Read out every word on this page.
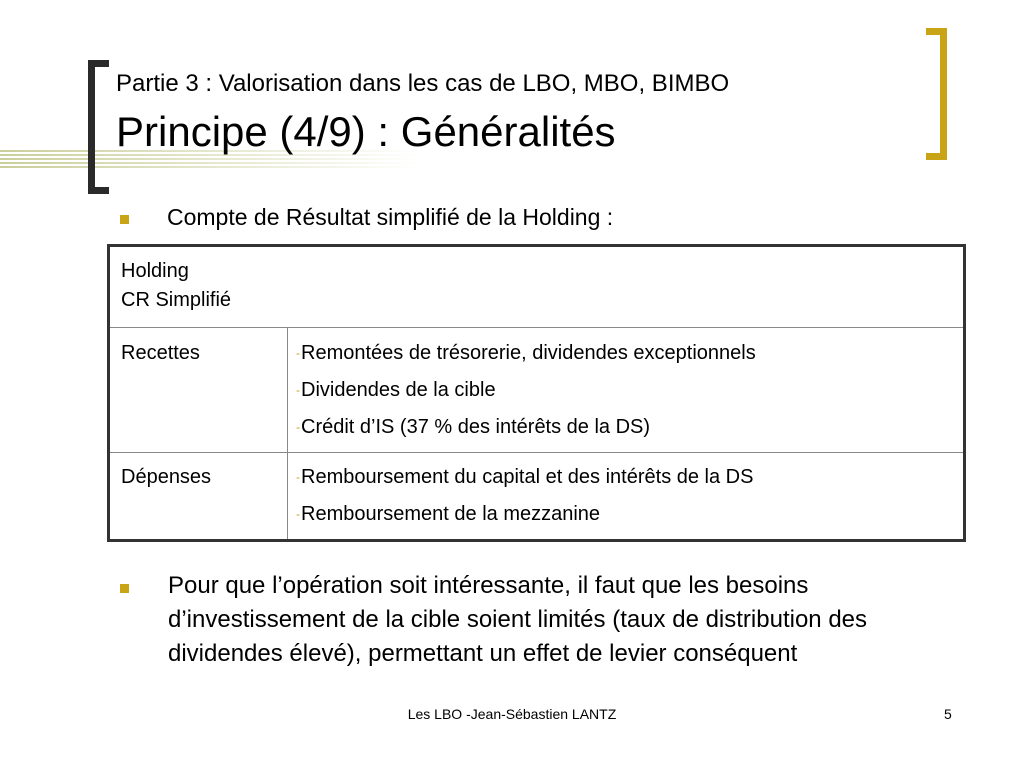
Partie 3 : Valorisation dans les cas de LBO, MBO, BIMBO
Principe (4/9) : Généralités
Compte de Résultat simplifié de la Holding :
Holding
CR Simplifié	

Recettes	-Remontées de trésorerie, dividendes exceptionnels
-Dividendes de la cible
-Crédit d’IS (37 % des intérêts de la DS)

Dépenses	-Remboursement du capital et des intérêts de la DS
-Remboursement de la mezzanine
Pour que l’opération soit intéressante, il faut que les besoins d’investissement de la cible soient limités (taux de distribution des dividendes élevé), permettant un effet de levier conséquent
Les LBO -Jean-Sébastien LANTZ	5
